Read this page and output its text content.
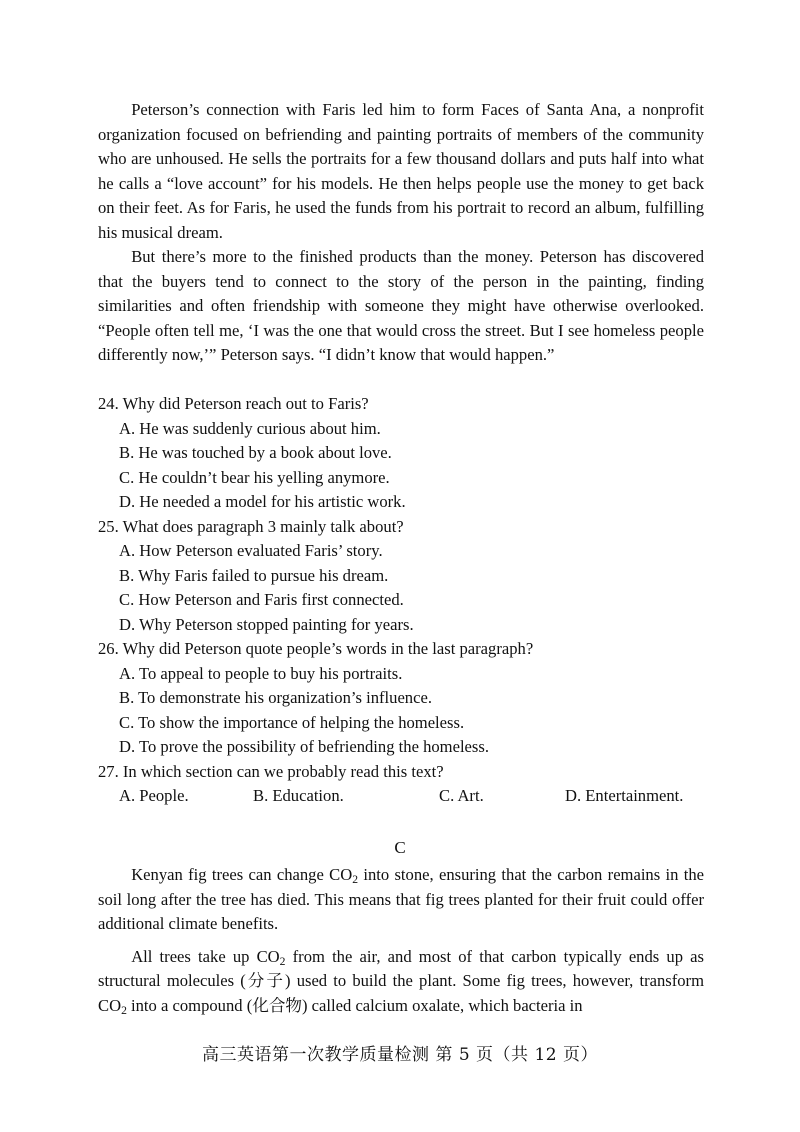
Peterson’s connection with Faris led him to form Faces of Santa Ana, a nonprofit organization focused on befriending and painting portraits of members of the community who are unhoused. He sells the portraits for a few thousand dollars and puts half into what he calls a “love account” for his models. He then helps people use the money to get back on their feet. As for Faris, he used the funds from his portrait to record an album, fulfilling his musical dream.

But there’s more to the finished products than the money. Peterson has discovered that the buyers tend to connect to the story of the person in the painting, finding similarities and often friendship with someone they might have otherwise overlooked. “People often tell me, ‘I was the one that would cross the street. But I see homeless people differently now,’” Peterson says. “I didn’t know that would happen.”

24. Why did Peterson reach out to Faris?

A. He was suddenly curious about him.

B. He was touched by a book about love.

C. He couldn’t bear his yelling anymore.

D. He needed a model for his artistic work.

25. What does paragraph 3 mainly talk about?

A. How Peterson evaluated Faris’ story.

B. Why Faris failed to pursue his dream.

C. How Peterson and Faris first connected.

D. Why Peterson stopped painting for years.

26. Why did Peterson quote people’s words in the last paragraph?

A. To appeal to people to buy his portraits.

B. To demonstrate his organization’s influence.

C. To show the importance of helping the homeless.

D. To prove the possibility of befriending the homeless.

27. In which section can we probably read this text?

A. People.	B. Education.	C. Art.	D. Entertainment.
C

Kenyan fig trees can change $CO_2$ into stone, ensuring that the carbon remains in the soil long after the tree has died. This means that fig trees planted for their fruit could offer additional climate benefits.

All trees take up $CO_2$ from the air, and most of that carbon typically ends up as structural molecules (分子) used to build the plant. Some fig trees, however, transform $CO_2$ into a compound (化合物) called calcium oxalate, which bacteria in

高三英语第一次教学质量检测 第 5 页（共 12 页）
